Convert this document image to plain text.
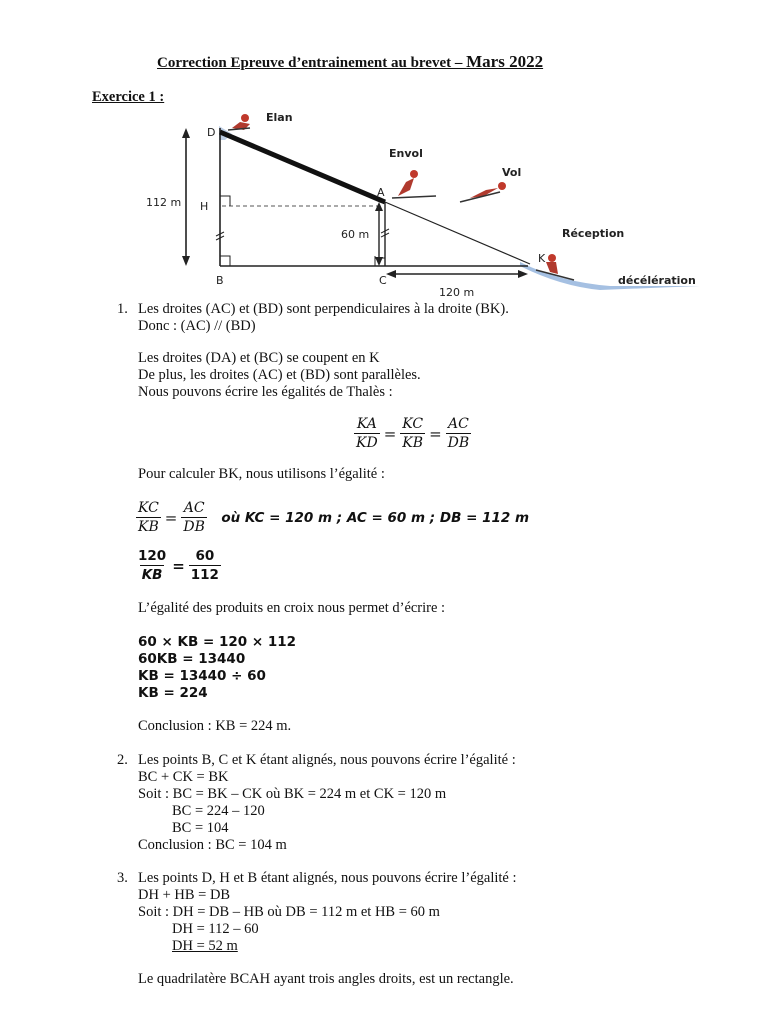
Correction Epreuve d’entrainement au brevet – Mars 2022
Exercice 1 :
Elan
Envol
Vol
Réception
décélération
D
H
B
A
C
K
112 m
60 m
120 m
1. Les droites (AC) et (BD) sont perpendiculaires à la droite (BK).
Donc : (AC) // (BD)
Les droites (DA) et (BC) se coupent en K
De plus, les droites (AC) et (BD) sont parallèles.
Nous pouvons écrire les égalités de Thalès :
$\frac{KA}{KD} = \frac{KC}{KB} = \frac{AC}{DB}$
Pour calculer BK, nous utilisons l’égalité :
$\frac{KC}{KB} = \frac{AC}{DB}$ où KC = 120 m ; AC = 60 m ; DB = 112 m
$\frac{120}{KB} = \frac{60}{112}$
L’égalité des produits en croix nous permet d’écrire :
60 × KB = 120 × 112
60KB = 13440
KB = 13440 ÷ 60
KB = 224
Conclusion : KB = 224 m.
2. Les points B, C et K étant alignés, nous pouvons écrire l’égalité :
BC + CK = BK
Soit : BC = BK – CK où BK = 224 m et CK = 120 m
BC = 224 – 120
BC = 104
Conclusion : BC = 104 m
3. Les points D, H et B étant alignés, nous pouvons écrire l’égalité :
DH + HB = DB
Soit : DH = DB – HB où DB = 112 m et HB = 60 m
DH = 112 – 60
DH = 52 m
Le quadrilatère BCAH ayant trois angles droits, est un rectangle.
